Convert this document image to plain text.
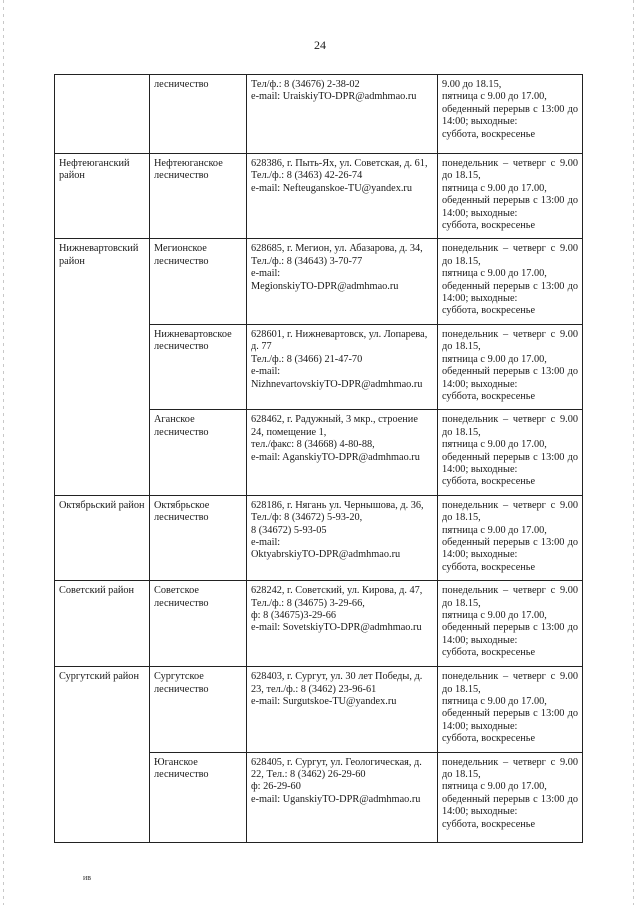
24
	лесничество	Тел/ф.: 8 (34676) 2-38-02
e-mail: UraiskiyTO-DPR@admhmao.ru	9.00 до 18.15,
пятница с 9.00 до 17.00,
обеденный перерыв с 13:00 до 14:00; выходные:
суббота, воскресенье
Нефтеюганский район	Нефтеюганское лесничество	628386, г. Пыть-Ях, ул. Советская, д. 61, Тел./ф.: 8 (3463) 42-26-74
e-mail: Nefteuganskoe-TU@yandex.ru	понедельник – четверг с 9.00 до 18.15,
пятница с 9.00 до 17.00,
обеденный перерыв с 13:00 до 14:00; выходные:
суббота, воскресенье
Нижневартовский район	Мегионское лесничество	628685, г. Мегион, ул. Абазарова, д. 34, Тел./ф.: 8 (34643) 3-70-77
e-mail:
MegionskiyTO-DPR@admhmao.ru	понедельник – четверг с 9.00 до 18.15,
пятница с 9.00 до 17.00,
обеденный перерыв с 13:00 до 14:00; выходные:
суббота, воскресенье
	Нижневартовское лесничество	628601, г. Нижневартовск, ул. Лопарева, д. 77
Тел./ф.: 8 (3466) 21-47-70
e-mail:
NizhnevartovskiyTO-DPR@admhmao.ru	понедельник – четверг с 9.00 до 18.15,
пятница с 9.00 до 17.00,
обеденный перерыв с 13:00 до 14:00; выходные:
суббота, воскресенье
	Аганское лесничество	628462, г. Радужный, 3 мкр., строение 24, помещение 1,
тел./факс: 8 (34668) 4-80-88,
e-mail: AganskiyTO-DPR@admhmao.ru	понедельник – четверг с 9.00 до 18.15,
пятница с 9.00 до 17.00,
обеденный перерыв с 13:00 до 14:00; выходные:
суббота, воскресенье
Октябрьский район	Октябрьское лесничество	628186, г. Нягань ул. Чернышова, д. 36, Тел./ф: 8 (34672) 5-93-20,
8 (34672) 5-93-05
e-mail:
OktyabrskiyTO-DPR@admhmao.ru	понедельник – четверг с 9.00 до 18.15,
пятница с 9.00 до 17.00,
обеденный перерыв с 13:00 до 14:00; выходные:
суббота, воскресенье
Советский район	Советское лесничество	628242, г. Советский, ул. Кирова, д. 47, Тел./ф.: 8 (34675) 3-29-66,
ф: 8 (34675)3-29-66
e-mail: SovetskiyTO-DPR@admhmao.ru	понедельник – четверг с 9.00 до 18.15,
пятница с 9.00 до 17.00,
обеденный перерыв с 13:00 до 14:00; выходные:
суббота, воскресенье
Сургутский район	Сургутское лесничество	628403, г. Сургут, ул. 30 лет Победы, д. 23, тел./ф.: 8 (3462) 23-96-61
e-mail: Surgutskoe-TU@yandex.ru	понедельник – четверг с 9.00 до 18.15,
пятница с 9.00 до 17.00,
обеденный перерыв с 13:00 до 14:00; выходные:
суббота, воскресенье
	Юганское лесничество	628405, г. Сургут, ул. Геологическая, д. 22, Тел.: 8 (3462) 26-29-60
ф: 26-29-60
e-mail: UganskiyTO-DPR@admhmao.ru	понедельник – четверг с 9.00 до 18.15,
пятница с 9.00 до 17.00,
обеденный перерыв с 13:00 до 14:00; выходные:
суббота, воскресенье
ив
